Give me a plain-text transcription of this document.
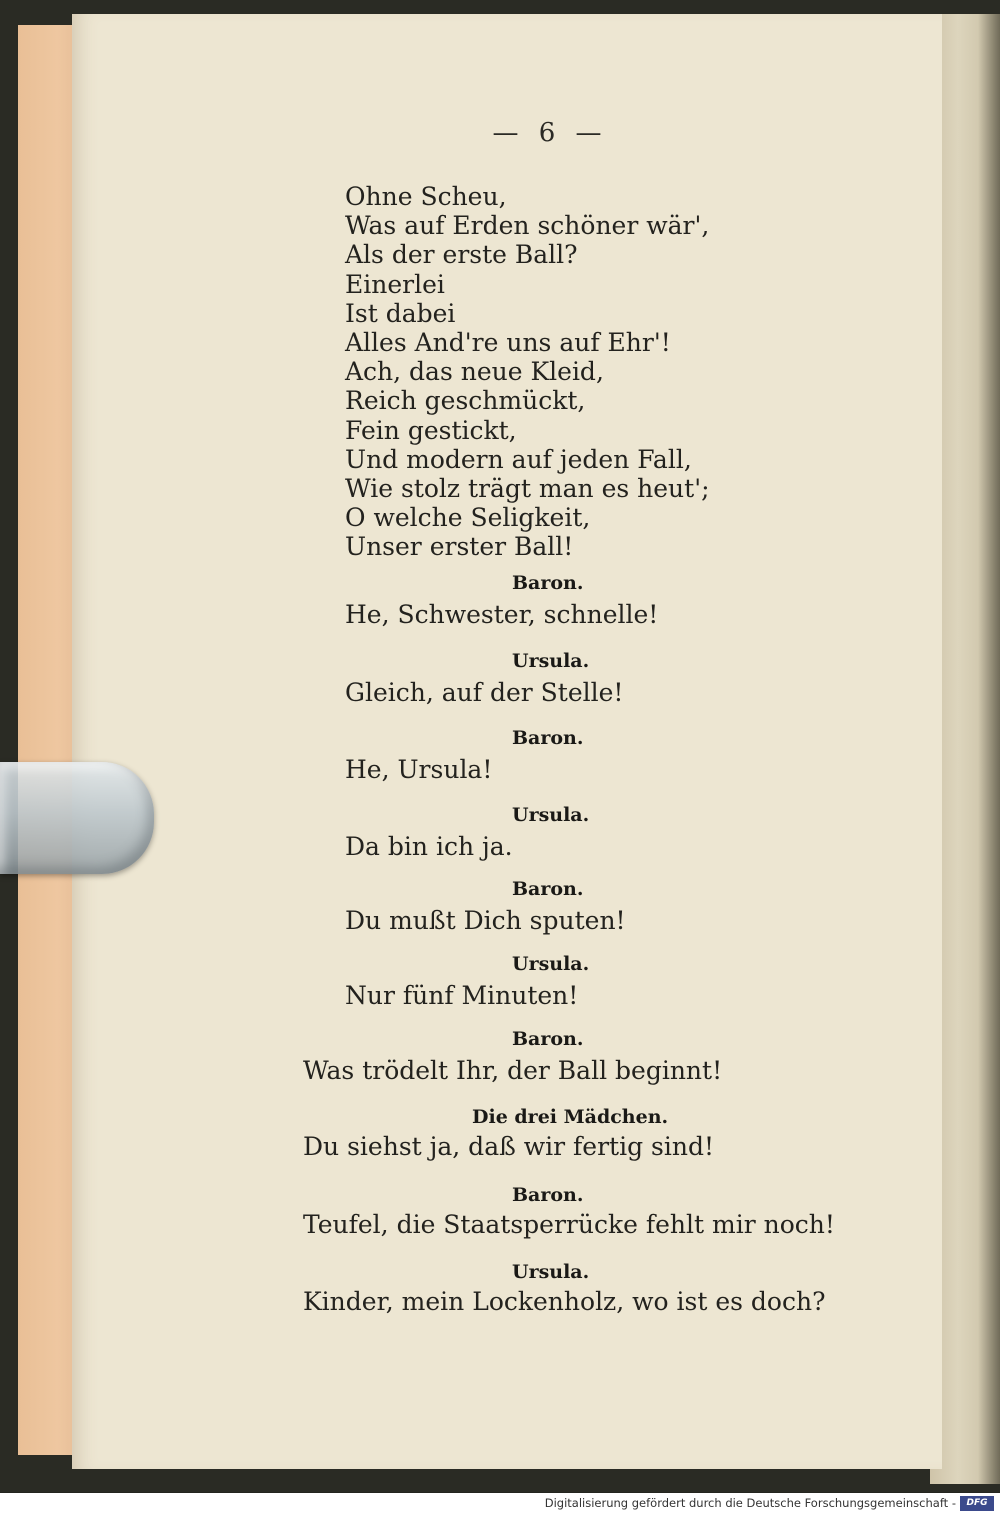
— 6 —
Ohne Scheu,
Was auf Erden schöner wär',
Als der erste Ball?
Einerlei
Ist dabei
Alles And're uns auf Ehr'!
Ach, das neue Kleid,
Reich geschmückt,
Fein gestickt,
Und modern auf jeden Fall,
Wie stolz trägt man es heut';
O welche Seligkeit,
Unser erster Ball!
Baron.
He, Schwester, schnelle!
Ursula.
Gleich, auf der Stelle!
Baron.
He, Ursula!
Ursula.
Da bin ich ja.
Baron.
Du mußt Dich sputen!
Ursula.
Nur fünf Minuten!
Baron.
Was trödelt Ihr, der Ball beginnt!
Die drei Mädchen.
Du siehst ja, daß wir fertig sind!
Baron.
Teufel, die Staatsperrücke fehlt mir noch!
Ursula.
Kinder, mein Lockenholz, wo ist es doch?
Digitalisierung gefördert durch die Deutsche Forschungsgemeinschaft -	DFG
